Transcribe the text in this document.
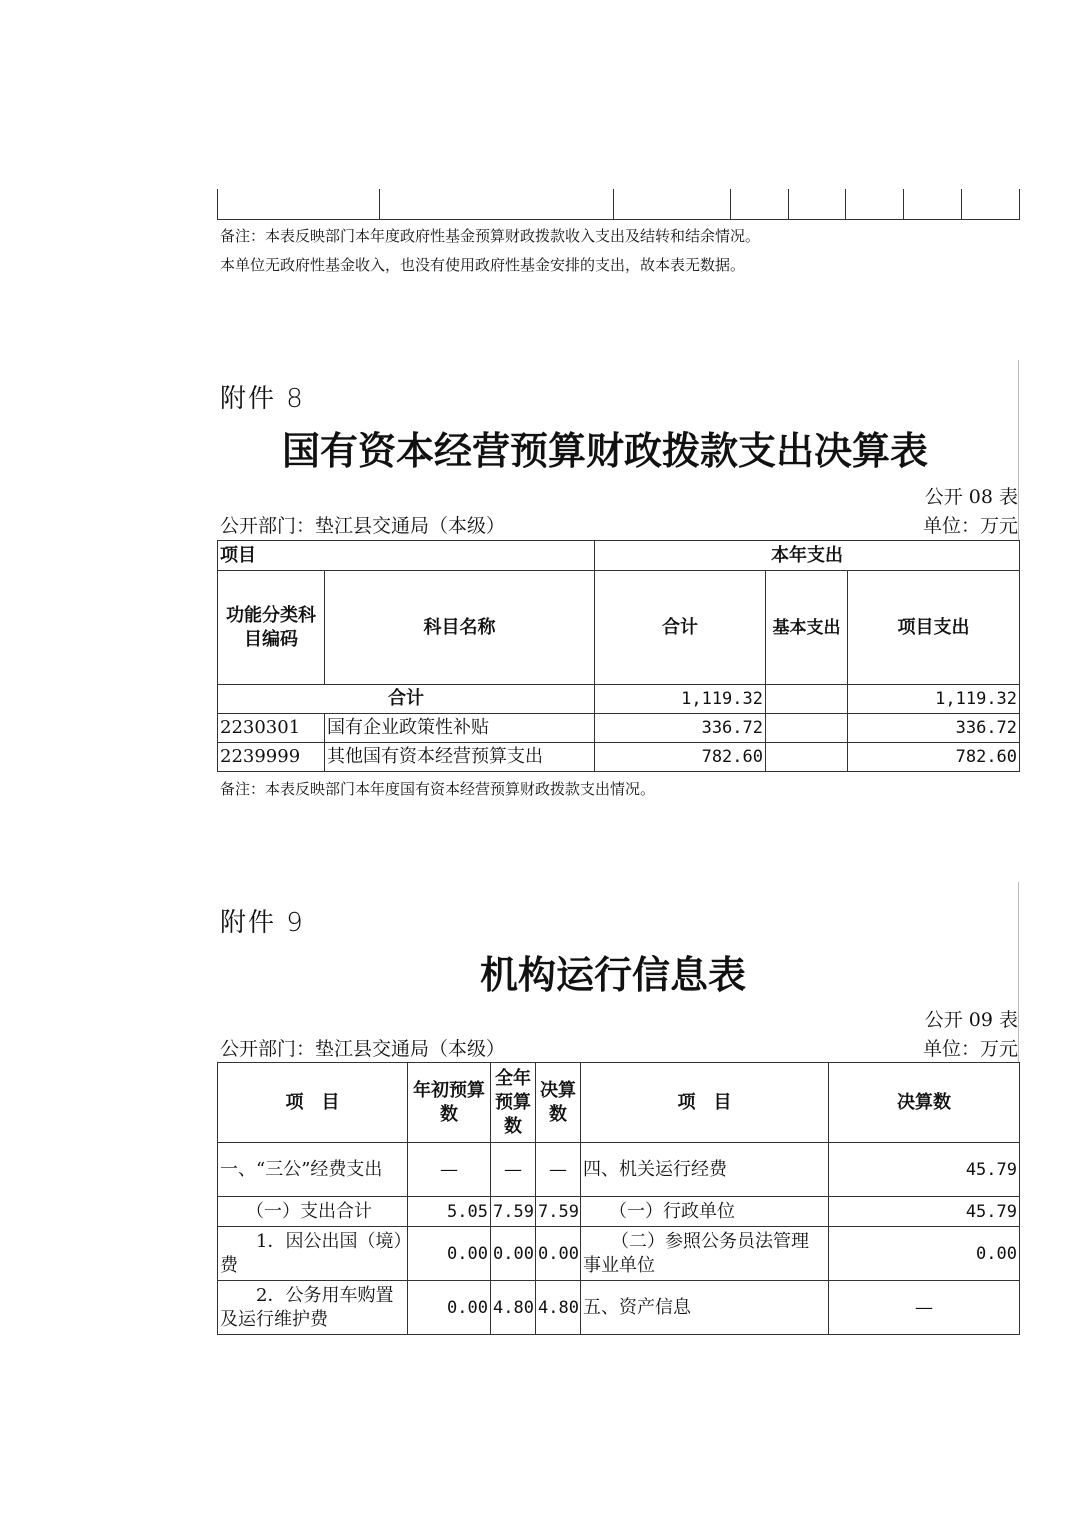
备注：本表反映部门本年度政府性基金预算财政拨款收入支出及结转和结余情况。
本单位无政府性基金收入，也没有使用政府性基金安排的支出，故本表无数据。
附件 8
国有资本经营预算财政拨款支出决算表
公开 08 表
公开部门：垫江县交通局（本级）	单位：万元
项目		本年支出		
功能分类科目编码	科目名称	合计	基本支出	项目支出
合计		1,119.32		1,119.32
2230301	国有企业政策性补贴	336.72		336.72
2239999	其他国有资本经营预算支出	782.60		782.60
备注：本表反映部门本年度国有资本经营预算财政拨款支出情况。
附件 9
机构运行信息表
公开 09 表
公开部门：垫江县交通局（本级）	单位：万元
项　目	年初预算数	全年预算数	决算数	项　目	决算数
一、“三公”经费支出	—	—	—	四、机关运行经费	45.79
（一）支出合计	5.05	7.59	7.59	（一）行政单位	45.79
1．因公出国（境）费	0.00	0.00	0.00	（二）参照公务员法管理事业单位	0.00
2．公务用车购置及运行维护费	0.00	4.80	4.80	五、资产信息	—
